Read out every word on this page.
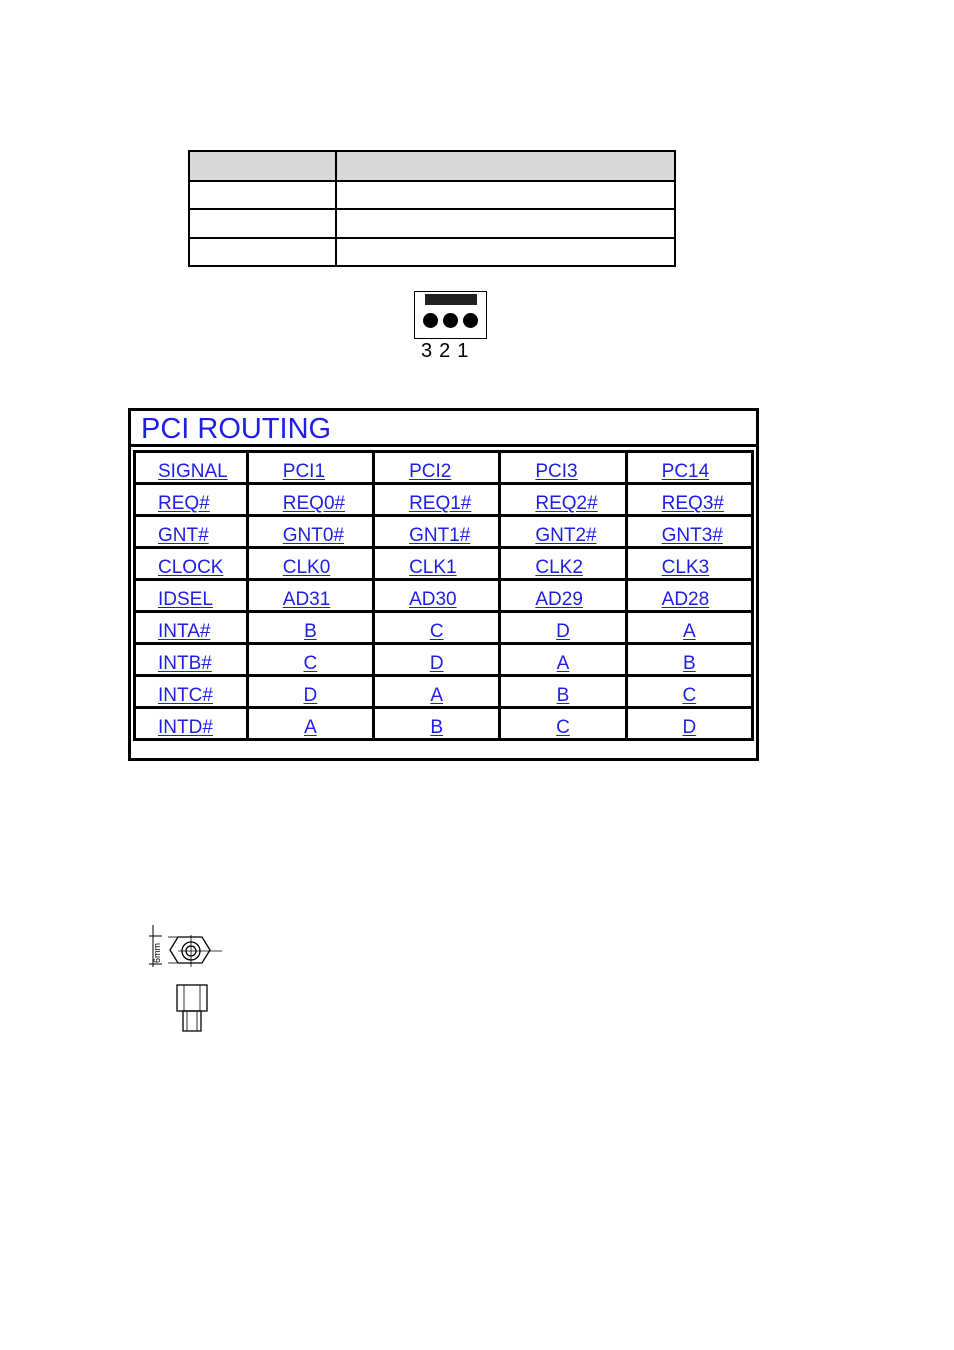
3 2 1
PCI ROUTING
SIGNAL	PCI1	PCI2	PCI3	PC14
REQ#	REQ0#	REQ1#	REQ2#	REQ3#
GNT#	GNT0#	GNT1#	GNT2#	GNT3#
CLOCK	CLK0	CLK1	CLK2	CLK3
IDSEL	AD31	AD30	AD29	AD28
INTA#	B	C	D	A
INTB#	C	D	A	B
INTC#	D	A	B	C
INTD#	A	B	C	D
6mm
